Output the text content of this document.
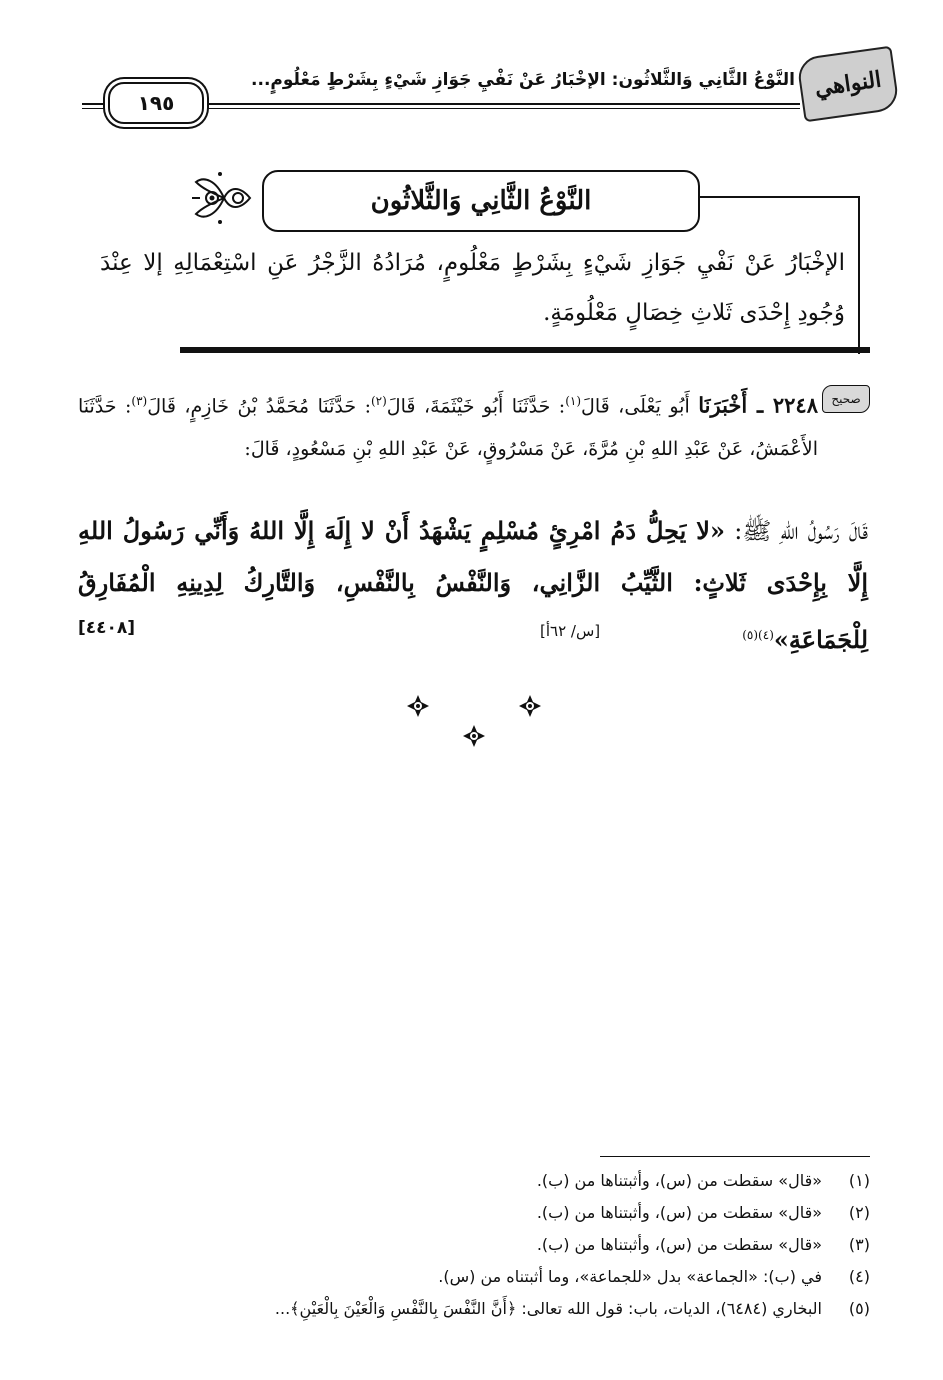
النواهي
النَّوْعُ الثَّانِي وَالثَّلاثُون: الإخْبَارُ عَنْ نَفْيِ جَوَازِ شَيْءٍ بِشَرْطٍ مَعْلُومٍ...
١٩٥
النَّوْعُ الثَّانِي وَالثَّلاثُون
الإخْبَارُ عَنْ نَفْيِ جَوَازِ شَيْءٍ بِشَرْطٍ مَعْلُومٍ، مُرَادُهُ الزَّجْرُ عَنِ اسْتِعْمَالِهِ إلا عِنْدَ وُجُودِ إِحْدَى ثَلاثِ خِصَالٍ مَعْلُومَةٍ.
صحيح
٢٢٤٨ ـ أَخْبَرَنَا أَبُو يَعْلَى، قَالَ$^{(١)}$: حَدَّثَنَا أَبُو خَيْثَمَةَ، قَالَ$^{(٢)}$: حَدَّثَنَا مُحَمَّدُ بْنُ خَازِمٍ، قَالَ$^{(٣)}$: حَدَّثَنَا الأَعْمَشُ، عَنْ عَبْدِ اللهِ بْنِ مُرَّةَ، عَنْ مَسْرُوقٍ، عَنْ عَبْدِ اللهِ بْنِ مَسْعُودٍ، قَالَ:
قَالَ رَسُولُ اللهِ ﷺ: «لا يَحِلُّ دَمُ امْرِئٍ مُسْلِمٍ يَشْهَدُ أَنْ لا إِلَهَ إِلَّا اللهُ وَأَنِّي رَسُولُ اللهِ إِلَّا بِإِحْدَى ثَلاثٍ: الثَّيِّبُ الزَّانِي، وَالنَّفْسُ بِالنَّفْسِ، وَالتَّارِكُ لِدِينِهِ الْمُفَارِقُ لِلْجَمَاعَةِ»$^{(٤)(٥)}$
[س/ ٦٢أ]
[٤٤٠٨]
(١)
«قال» سقطت من (س)، وأثبتناها من (ب).
(٢)
«قال» سقطت من (س)، وأثبتناها من (ب).
(٣)
«قال» سقطت من (س)، وأثبتناها من (ب).
(٤)
في (ب): «الجماعة» بدل «للجماعة»، وما أثبتناه من (س).
(٥)
البخاري (٦٤٨٤)، الديات، باب: قول الله تعالى: ﴿أَنَّ النَّفْسَ بِالنَّفْسِ وَالْعَيْنَ بِالْعَيْنِ﴾...
